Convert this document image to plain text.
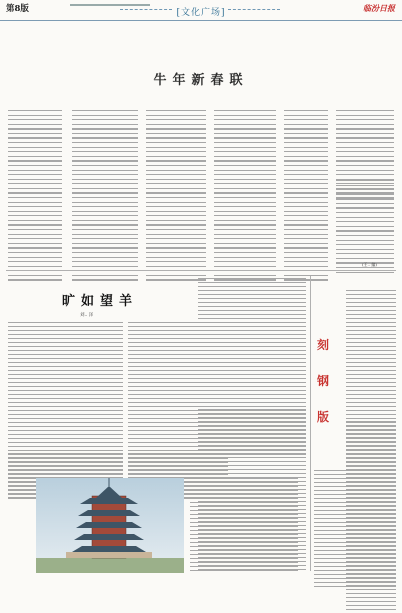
第8版	[文化广场]	临汾日报
牛年新春联
(王.. 编)
旷如望羊
刘.. 泽
刻
钢
版
